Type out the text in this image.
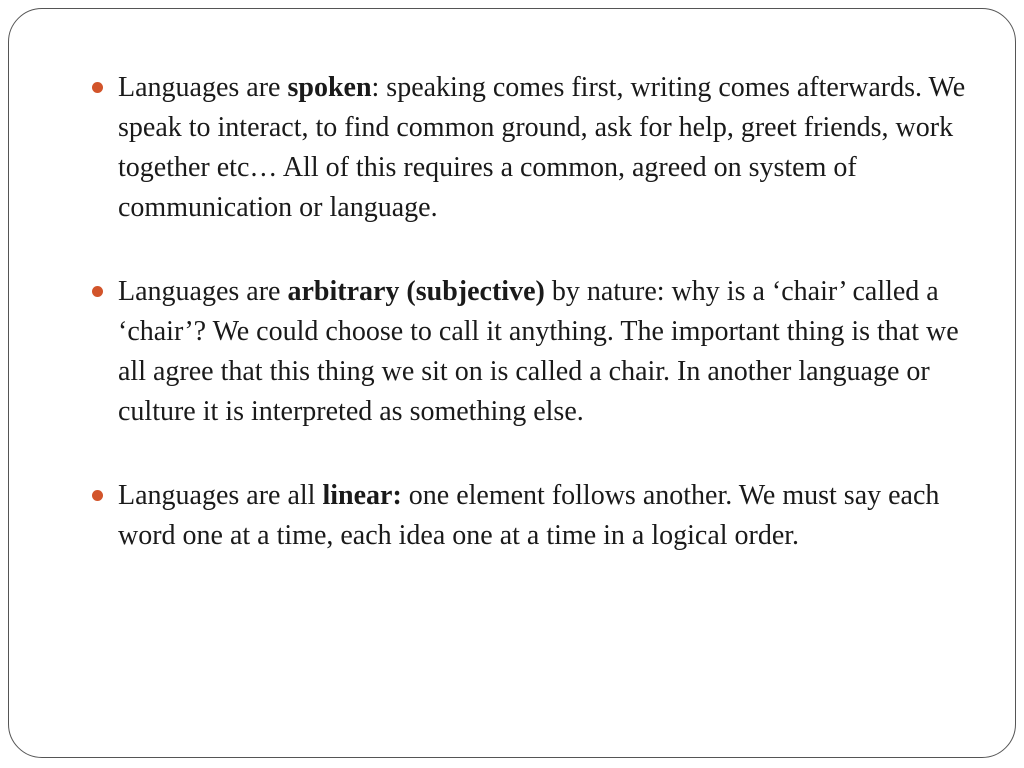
Languages are spoken: speaking comes first, writing comes afterwards. We speak to interact, to find common ground, ask for help, greet friends, work together etc… All of this requires a common, agreed on system of communication or language.
Languages are arbitrary (subjective) by nature: why is a ‘chair’ called a ‘chair’? We could choose to call it anything. The important thing is that we all agree that this thing we sit on is called a chair. In another language or culture it is interpreted as something else.
Languages are all linear: one element follows another. We must say each word one at a time, each idea one at a time in a logical order.
